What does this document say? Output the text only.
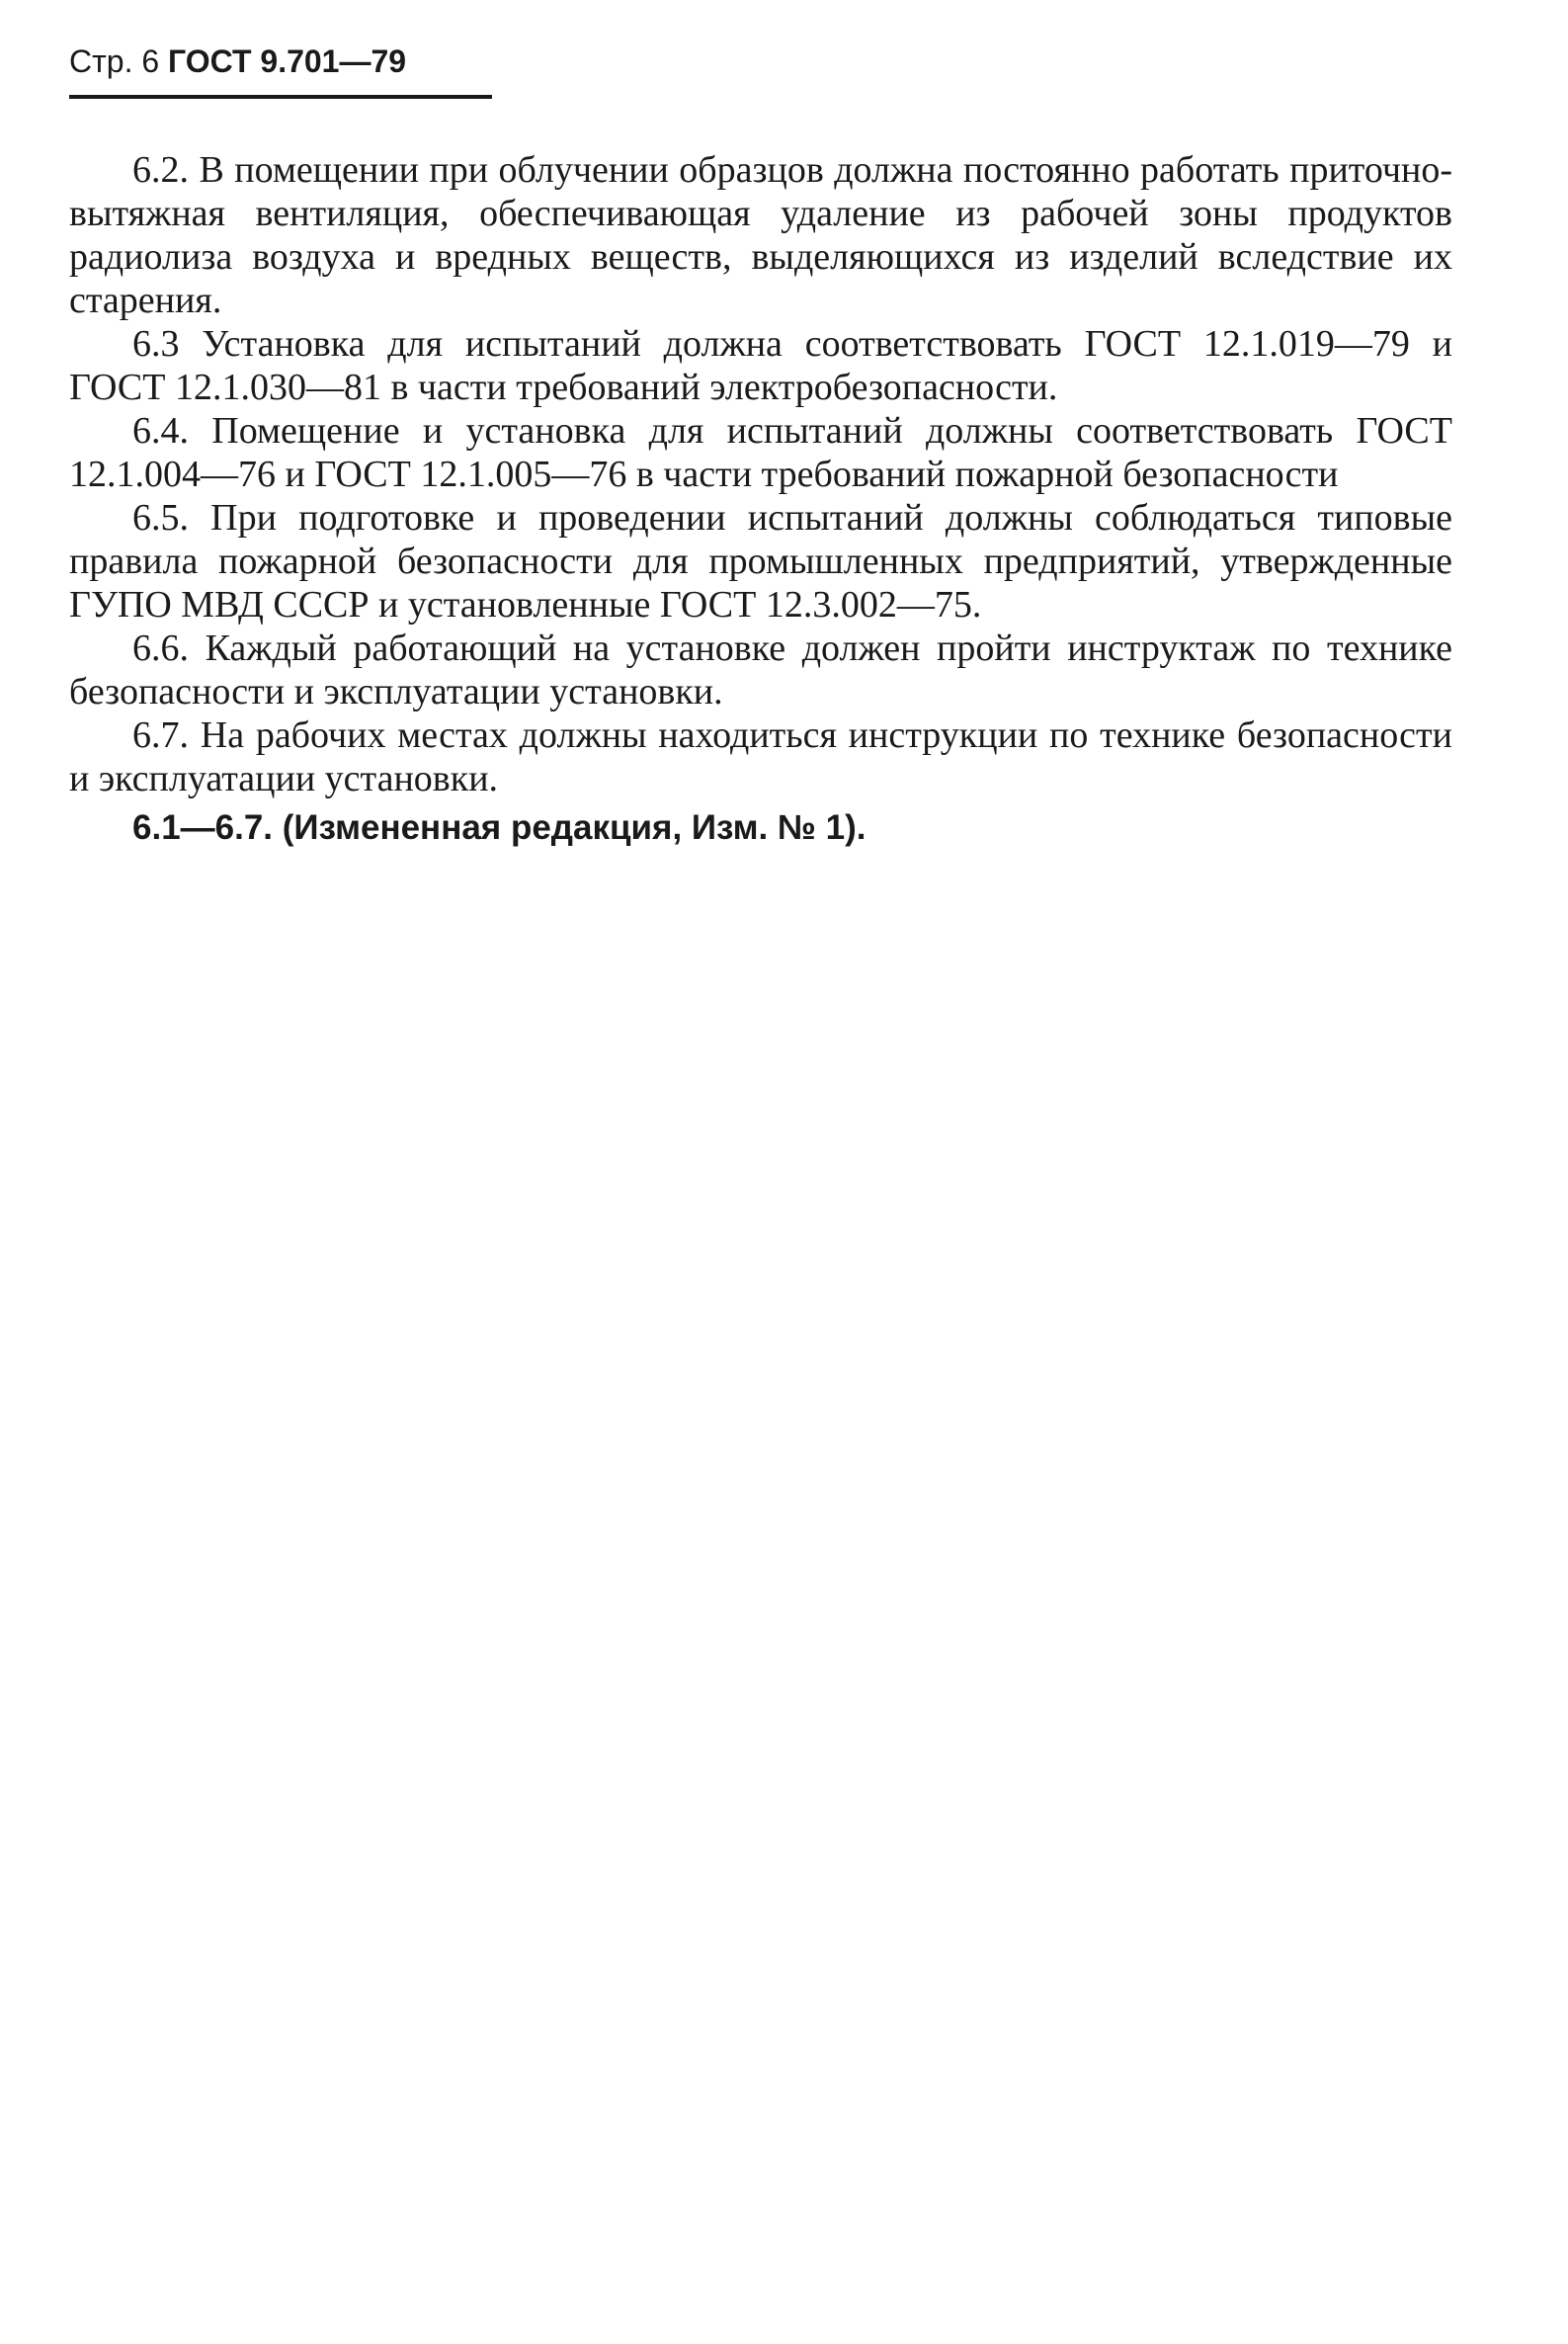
Стр. 6 ГОСТ 9.701—79

6.2. В помещении при облучении образцов должна постоянно работать приточно-вытяжная вентиляция, обеспечивающая удаление из рабочей зоны продуктов радиолиза воздуха и вредных веществ, выделяющихся из изделий вследствие их старения.

6.3 Установка для испытаний должна соответствовать ГОСТ 12.1.019—79 и ГОСТ 12.1.030—81 в части требований электробезопасности.

6.4. Помещение и установка для испытаний должны соответствовать ГОСТ 12.1.004—76 и ГОСТ 12.1.005—76 в части требований пожарной безопасности

6.5. При подготовке и проведении испытаний должны соблюдаться типовые правила пожарной безопасности для промышленных предприятий, утвержденные ГУПО МВД СССР и установленные ГОСТ 12.3.002—75.

6.6. Каждый работающий на установке должен пройти инструктаж по технике безопасности и эксплуатации установки.

6.7. На рабочих местах должны находиться инструкции по технике безопасности и эксплуатации установки.

6.1—6.7. (Измененная редакция, Изм. № 1).
